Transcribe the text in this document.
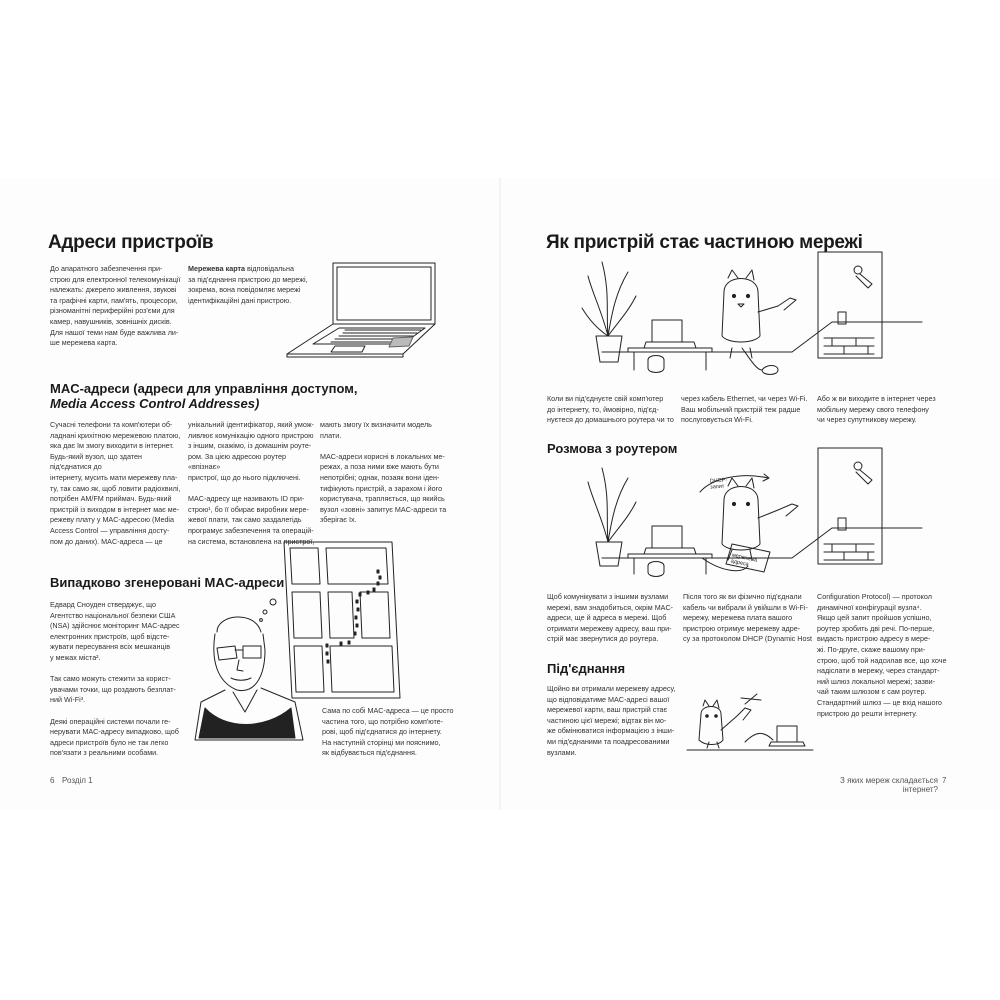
Адреси пристроїв
До апаратного забезпечення при-
строю для електронної телекомунікації
належать: джерело живлення, звукові
та графічні карти, пам'ять, процесори,
різноманітні периферійні роз'єми для
камер, навушників, зовнішніх дисків.
Для нашої теми нам буде важлива ли-
ше мережева карта.
Мережева карта відповідальна
за під'єднання пристрою до мережі,
зокрема, вона повідомляє мережі
ідентифікаційні дані пристрою.
MAC-адреси (адреси для управління доступом,
Media Access Control Addresses)
Сучасні телефони та комп'ютери об-
ладнані крихітною мережевою платою,
яка дає їм змогу виходити в інтернет.
Будь-який вузол, що здатен під'єднатися до
інтернету, мусить мати мережеву пла-
ту, так само як, щоб ловити радіохвилі,
потрібен AM/FM приймач. Будь-який
пристрій із виходом в інтернет має ме-
режеву плату у MAC-адресою (Media
Access Control — управління досту-
пом до даних). MAC-адреса — це
унікальний ідентифікатор, який умож-
ливлює комунікацію одного пристрою
з іншим, скажімо, із домашнім роуте-
ром. За цією адресою роутер «впізнає»
пристрої, що до нього підключені.

MAC-адресу ще називають ID при-
строю¹, бо її обирає виробник мере-
жевої плати, так само заздалегідь
програмує забезпечення та операцій-
на система, встановлена на пристрої,
мають змогу їх визначити модель
плати.

MAC-адреси корисні в локальних ме-
режах, а поза ними вже мають бути
непотрібні; однак, позаяк вони іден-
тифікують пристрій, а зарахом і його
користувача, трапляється, що якийсь
вузол «зовні» запитує MAC-адреси та
зберігає їх.
Випадково згенеровані MAC-адреси
Едвард Сноуден стверджує, що
Агентство національної безпеки США
(NSA) здійснює моніторинг MAC-адрес
електронних пристроїв, щоб відсте-
жувати пересування всіх мешканців
у межах міста².

Так само можуть стежити за корист-
увачами точки, що роздають безплат-
ний Wi-Fi³.

Деякі операційні системи почали ге-
нерувати MAC-адресу випадково, щоб
адреси пристроїв було не так легко
пов'язати з реальними особами.
Сама по собі MAC-адреса — це просто
частина того, що потрібно комп'юте-
рові, щоб під'єднатися до інтернету.
На наступній сторінці ми пояснимо,
як відбувається під'єднання.
6 Розділ 1
Як пристрій стає частиною мережі
Коли ви під'єднуєте свій комп'ютер
до інтернету, то, ймовірно, під'єд-
нуєтеся до домашнього роутера чи то
через кабель Ethernet, чи через Wi-Fi.
Ваш мобільний пристрій теж радше
послуговується Wi-Fi.
Або ж ви виходите в інтернет через
мобільну мережу свого телефону
чи через супутникову мережу.
Розмова з роутером
DHCP-
запит
мережева
адреса
Щоб комунікувати з іншими вузлами
мережі, вам знадобиться, окрім MAC-
адреси, ще й адреса в мережі. Щоб
отримати мережеву адресу, ваш при-
стрій має звернутися до роутера.
Після того як ви фізично під'єднали
кабель чи вибрали й увійшли в Wi-Fi-
мережу, мережева плата вашого
пристрою отримує мережеву адре-
су за протоколом DHCP (Dynamic Host
Configuration Protocol) — протокол
динамічної конфігурації вузла⁴.
Якщо цей запит пройшов успішно,
роутер зробить дві речі. По-перше,
видасть пристрою адресу в мере-
жі. По-друге, скаже вашому при-
строю, щоб той надсилав все, що хоче
надіслати в мережу, через стандарт-
ний шлюз локальної мережі; зазви-
чай таким шлюзом є сам роутер.
Стандартний шлюз — це вхід нашого
пристрою до решти інтернету.
Під'єднання
Щойно ви отримали мережеву адресу,
що відповідатиме MAC-адресі вашої
мережевої карти, ваш пристрій стає
частиною цієї мережі; відтак він мо-
же обмінюватися інформацією з інши-
ми під'єднаними та поадресованими
вузлами.
З яких мереж складається інтернет?
7
